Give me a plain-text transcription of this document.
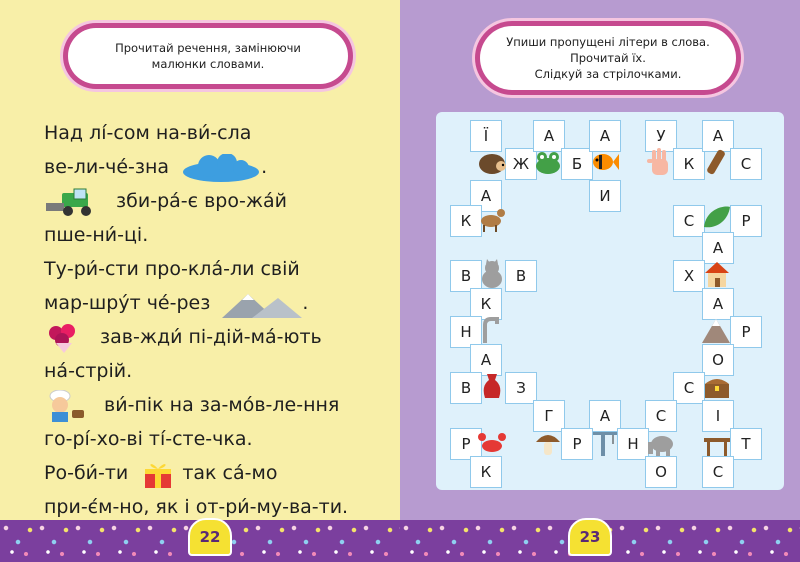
Прочитай речення, замінюючи
малюнки словами.
Над лі́-сом на-ви́-сла
ве-ли-че́-зна	.
зби-ра́-є вро-жа́й
пше-ни́-ці.
Ту-ри́-сти про-кла́-ли свій
мар-шру́т че́-рез	.
зав-жди́ пі-дій-ма́-ють
на́-стрій.
ви́-пік на за-мо́в-ле-ння
го-рі́-хо-ві ті́-сте-чка.
Ро-би́-ти	так са́-мо
при-є́м-но, як і от-ри́-му-ва-ти.
22
Упиши пропущені літери в слова.
Прочитай їх.
Слідкуй за стрілочками.
23
Ї
Ж
А
Б
А
И
У
К
А
С
А
К	С	Р
В	В
А
Х
К	А
Н	Р
А	О
В	З	С
Г	А	С	І
Р	Р	Н	Т
К	О	С
